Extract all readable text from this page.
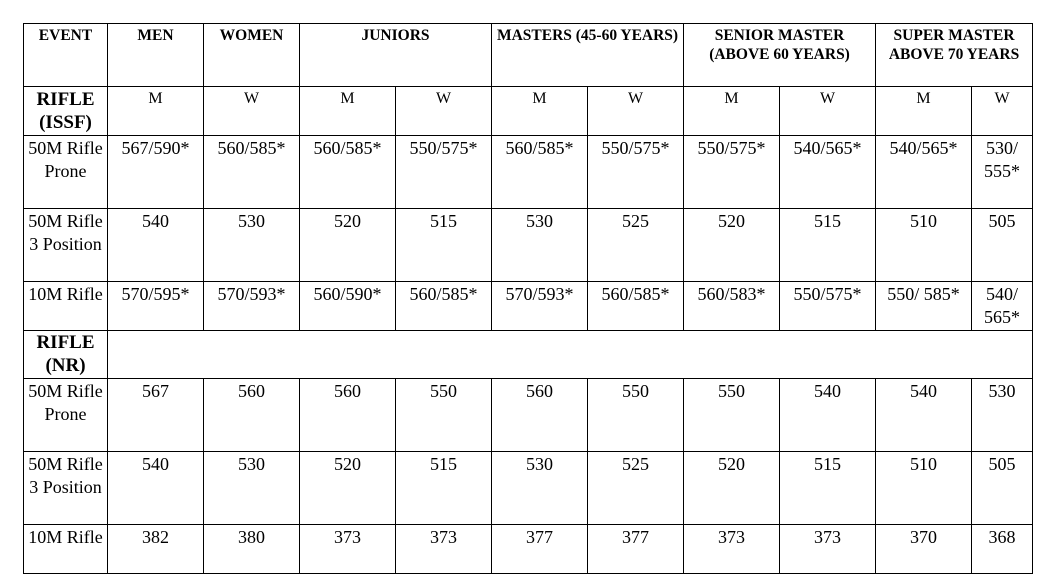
EVENT	MEN	WOMEN	JUNIORS		MASTERS (45-60 YEARS)		SENIOR MASTER (ABOVE 60 YEARS)		SUPER MASTER ABOVE 70 YEARS	
RIFLE (ISSF)	M	W	M	W	M	W	M	W	M	W
50M Rifle Prone	567/590*	560/585*	560/585*	550/575*	560/585*	550/575*	550/575*	540/565*	540/565*	530/ 555*
50M Rifle 3 Position	540	530	520	515	530	525	520	515	510	505
10M Rifle	570/595*	570/593*	560/590*	560/585*	570/593*	560/585*	560/583*	550/575*	550/ 585*	540/ 565*
RIFLE (NR)										
50M Rifle Prone	567	560	560	550	560	550	550	540	540	530
50M Rifle 3 Position	540	530	520	515	530	525	520	515	510	505
10M Rifle	382	380	373	373	377	377	373	373	370	368
